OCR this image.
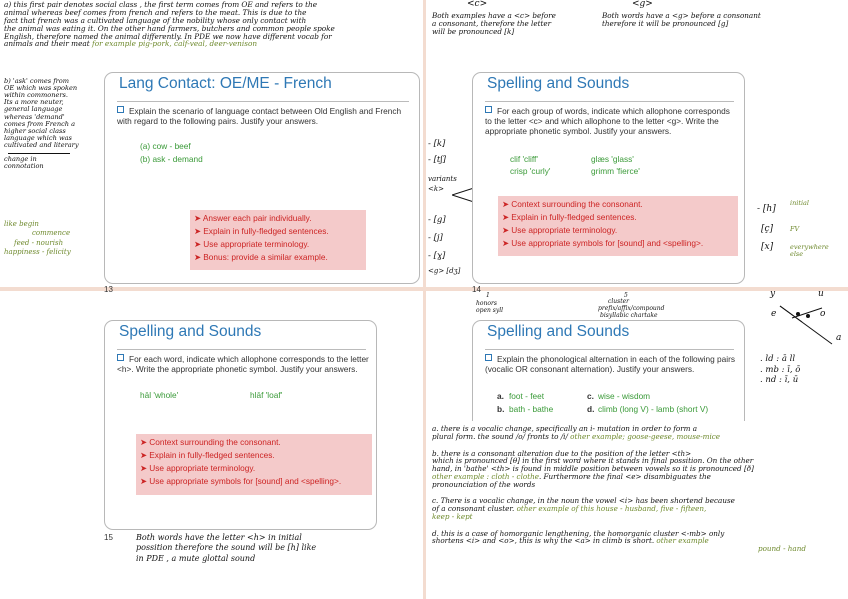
a) this first pair denotes social class , the first term comes from OE and refers to the
animal whereas beef comes from french and refers to the meat. This is due to the
fact that french was a cultivated language of the nobility whose only contact with
the animal was eating it. On the other hand farmers, butchers and common people spoke
English, therefore named the animal differently. In PDE we now have different vocab for
animals and their meat for example pig-pork, calf-veal, deer-venison
b) 'ask' comes from
OE which was spoken
within commoners.
Its a more neuter,
general language
whereas 'demand'
comes from French a
higher social class
language which was
cultivated and literary
change in
connotation
like begin
commence
feed - nourish
happiness - felicity
Lang Contact: OE/ME - French
Explain the scenario of language contact between Old English and French with regard to the following pairs. Justify your answers.
(a) cow - beef
(b) ask - demand
➤ Answer each pair individually.
➤ Explain in fully-fledged sentences.
➤ Use appropriate terminology.
➤ Bonus: provide a similar example.
13
<c>	<g>
Both examples have a <c> before
a consonant, therefore the letter
will be pronounced [k]
Both words have a <g> before a consonant
therefore it will be pronounced [g]
- [k]
- [tʃ]
variants
<k>
- [g]
- [j]
- [ɣ]
<g> [dʒ]
Spelling and Sounds
For each group of words, indicate which allophone corresponds to the letter <c> and which allophone to the letter <g>. Write the appropriate phonetic symbol. Justify your answers.
clif 'cliff'	glæs 'glass'
crisp 'curly'	grimm 'fierce'
➤ Context surrounding the consonant.
➤ Explain in fully-fledged sentences.
➤ Use appropriate terminology.
➤ Use appropriate symbols for [sound] and <spelling>.
14
- [h]
[ç]
[x]
initial
FV
everywhere else
Spelling and Sounds
For each word, indicate which allophone corresponds to the letter <h>. Write the appropriate phonetic symbol. Justify your answers.
hāl 'whole'	hlāf 'loaf'
➤ Context surrounding the consonant.
➤ Explain in fully-fledged sentences.
➤ Use appropriate terminology.
➤ Use appropriate symbols for [sound] and <spelling>.
15	Both words have the letter <h> in initial
possition therefore the sound will be [h] like
in PDE , a mute glottal sound
1
honors
open syll
5
cluster
prefix/affix/compound
bisyllabic chartake
Spelling and Sounds
Explain the phonological alternation in each of the following pairs (vocalic OR consonant alternation). Justify your answers.
a. foot - feet
b. bath - bathe
c. wise - wisdom
d. climb (long V) - lamb (short V)
y	u
e	o
a
. ld : ā ll
. mb : ī, ō
. nd : ī, ū
a. there is a vocalic change, specifically an i- mutation in order to form a
plural form. the sound /o/ fronts to /i/ other example; goose-geese, mouse-mice
b. there is a consonant alteration due to the position of the letter <th>
which is pronounced [θ] in the first word where it stands in final possition. On the other
hand, in 'bathe' <th> is found in middle position between vowels so it is pronounced [ð]
other example : cloth - clothe. Furthermore the final <e> disambiguates the
pronounciation of the words
c. There is a vocalic change, in the noun the vowel <i> has been shortend because
of a consonant cluster. other example of this house - husband, five - fifteen,
keep - kept
d. this is a case of homorganic lengthening, the homorganic cluster <-mb> only
shortens <i> and <o>, this is why the <a> in climb is short. other example
pound - hand
